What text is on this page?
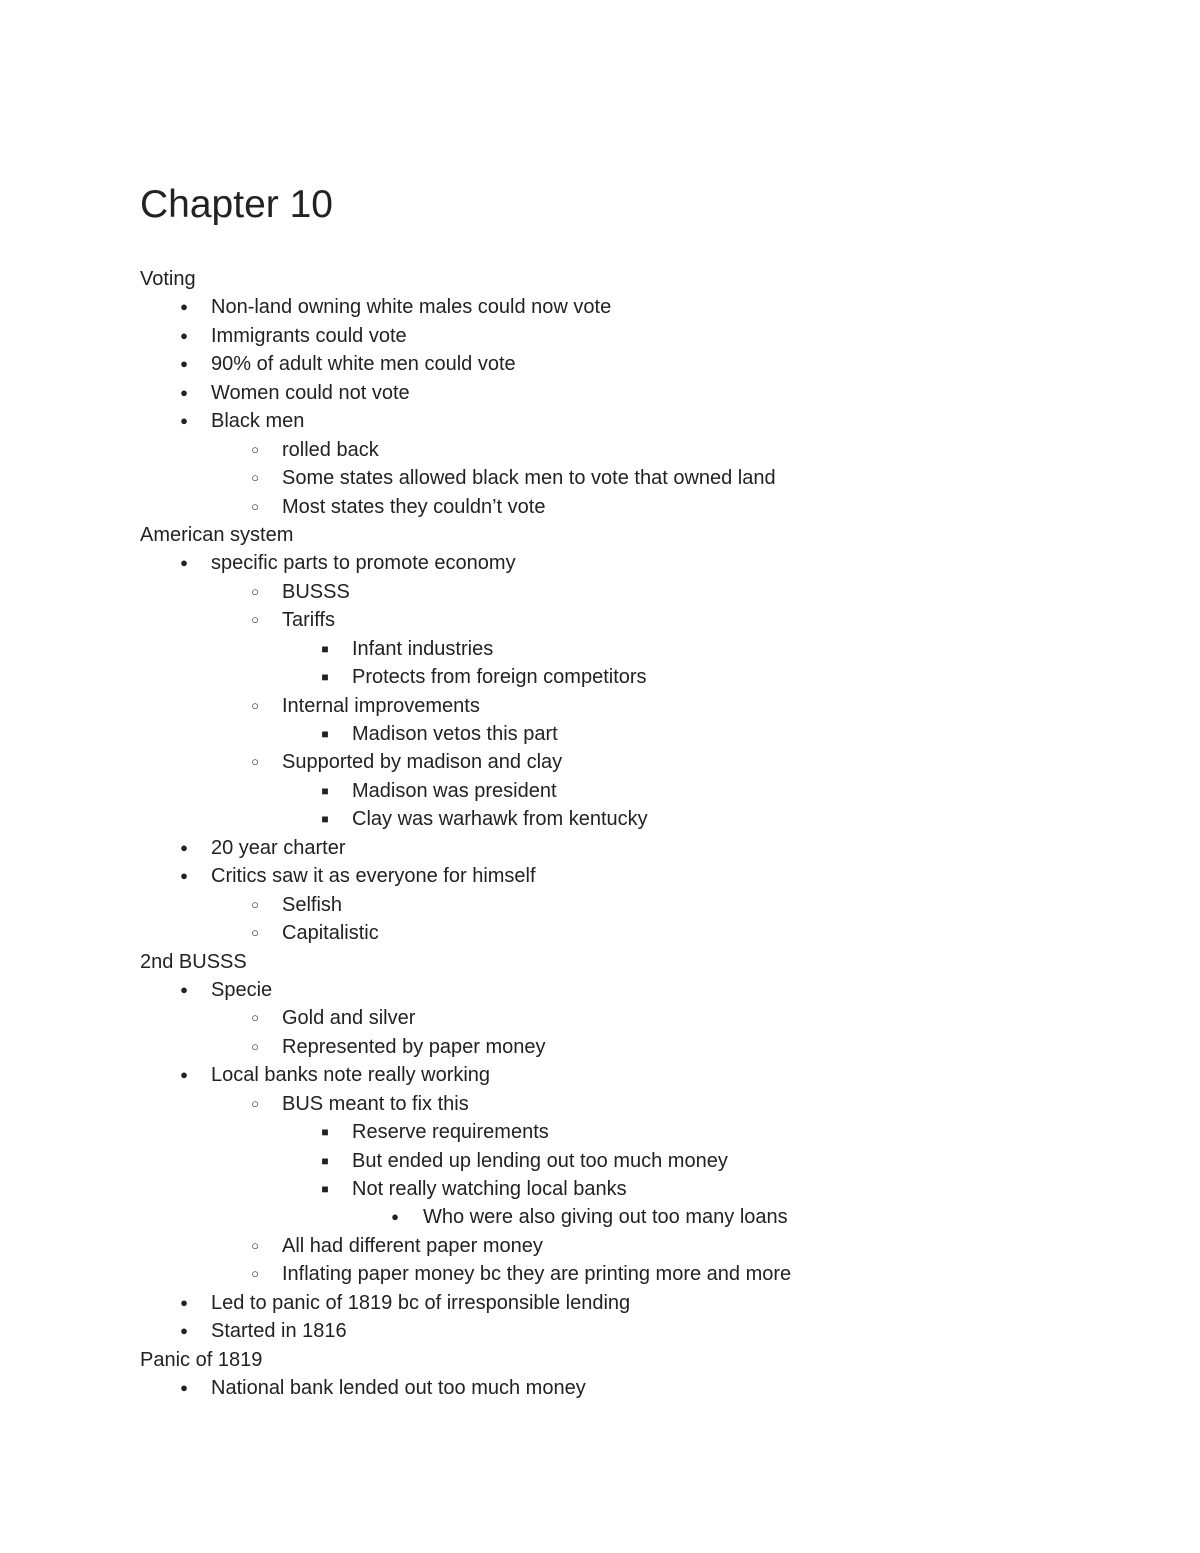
Chapter 10
Voting
●	Non-land owning white males could now vote
●	Immigrants could vote
●	90% of adult white men could vote
●	Women could not vote
●	Black men
○	rolled back
○	Some states allowed black men to vote that owned land
○	Most states they couldn’t vote
American system
●	specific parts to promote economy
○	BUSSS
○	Tariffs
■	Infant industries
■	Protects from foreign competitors
○	Internal improvements
■	Madison vetos this part
○	Supported by madison and clay
■	Madison was president
■	Clay was warhawk from kentucky
●	20 year charter
●	Critics saw it as everyone for himself
○	Selfish
○	Capitalistic
2nd BUSSS
●	Specie
○	Gold and silver
○	Represented by paper money
●	Local banks note really working
○	BUS meant to fix this
■	Reserve requirements
■	But ended up lending out too much money
■	Not really watching local banks
●	Who were also giving out too many loans
○	All had different paper money
○	Inflating paper money bc they are printing more and more
●	Led to panic of 1819 bc of irresponsible lending
●	Started in 1816
Panic of 1819
●	National bank lended out too much money
